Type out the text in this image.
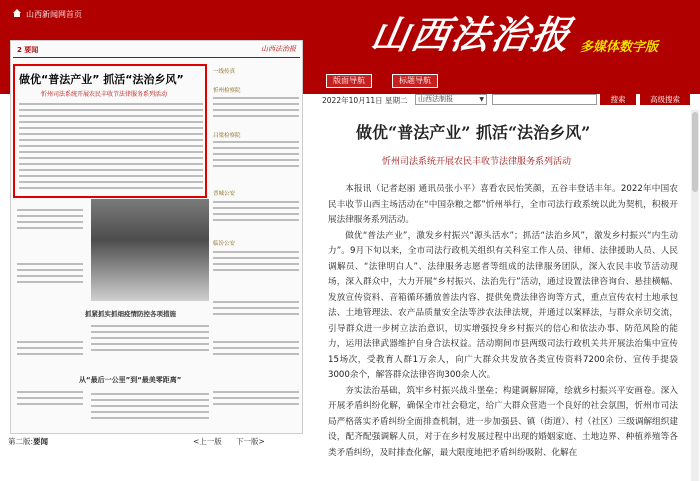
山西新闻网首页	山西法治报 多媒体数字版
版面导航	标题导航
2022年10月11日 星期二	山西法制报	▼	搜索	高级搜索
2 要闻	山西法治报
做优“普法产业” 抓活“法治乡风”
忻州司法系统开展农民丰收节法律服务系列活动
一线传真
忻州检察院
吕梁检察院
晋城公安
临汾公安
抓紧抓实抓细疫情防控各项措施
从“最后一公里”到“最美零距离”
第二版:要闻	<上一版 下一版>
做优“普法产业” 抓活“法治乡风”
忻州司法系统开展农民丰收节法律服务系列活动

本报讯（记者赵丽 通讯员张小平）喜看农民怡笑颜，五谷丰登话丰年。2022年中国农民丰收节山西主场活动在“中国杂粮之都”忻州举行，全市司法行政系统以此为契机，积极开展法律服务系列活动。

做优“普法产业”，激发乡村振兴“源头活水”；抓活“法治乡风”，激发乡村振兴“内生动力”。9月下旬以来，全市司法行政机关组织有关科室工作人员、律师、法律援助人员、人民调解员、“法律明白人”、法律服务志愿者等组成的法律服务团队，深入农民丰收节活动现场，深入群众中，大力开展“乡村振兴、法治先行”活动，通过设置法律咨询台、悬挂横幅、发放宣传资料、音箱循环播放普法内容、提供免费法律咨询等方式，重点宣传农村土地承包法、土地管理法、农产品质量安全法等涉农法律法规，并通过以案释法，与群众亲切交流，引导群众进一步树立法治意识，切实增强投身乡村振兴的信心和依法办事、防范风险的能力，运用法律武器维护自身合法权益。活动期间市县两级司法行政机关共开展法治集中宣传15场次，受教育人群1万余人，向广大群众共发放各类宣传资料7200余份、宣传手提袋3000余个，解答群众法律咨询300余人次。

夯实法治基础，筑牢乡村振兴战斗堡垒；构建调解屏障，绘就乡村振兴平安画卷。深入开展矛盾纠纷化解，确保全市社会稳定，给广大群众营造一个良好的社会氛围，忻州市司法局严格落实矛盾纠纷全面排查机制，进一步加强县、镇（街道）、村（社区）三级调解组织建设，配齐配强调解人员，对于在乡村发展过程中出现的婚姻家庭、土地边界、种植养殖等各类矛盾纠纷，及时排查化解，最大限度地把矛盾纠纷吸附、化解在
